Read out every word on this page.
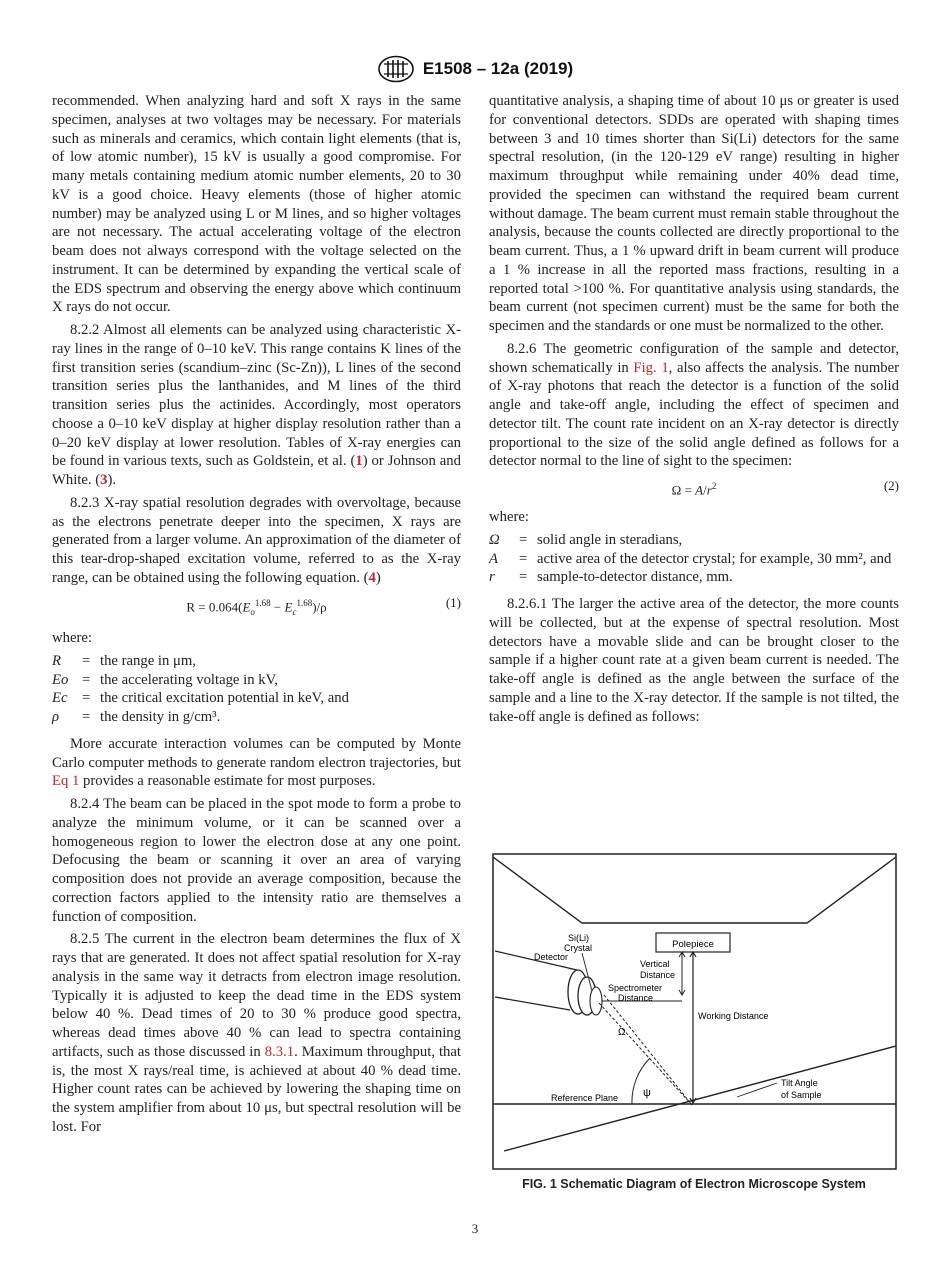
E1508 – 12a (2019)

recommended. When analyzing hard and soft X rays in the same specimen, analyses at two voltages may be necessary. For materials such as minerals and ceramics, which contain light elements (that is, of low atomic number), 15 kV is usually a good compromise. For many metals containing medium atomic number elements, 20 to 30 kV is a good choice. Heavy elements (those of higher atomic number) may be analyzed using L or M lines, and so higher voltages are not necessary. The actual accelerating voltage of the electron beam does not always correspond with the voltage selected on the instrument. It can be determined by expanding the vertical scale of the EDS spectrum and observing the energy above which continuum X rays do not occur.

8.2.2 Almost all elements can be analyzed using characteristic X-ray lines in the range of 0–10 keV. This range contains K lines of the first transition series (scandium–zinc (Sc-Zn)), L lines of the second transition series plus the lanthanides, and M lines of the third transition series plus the actinides. Accordingly, most operators choose a 0–10 keV display at higher display resolution rather than a 0–20 keV display at lower resolution. Tables of X-ray energies can be found in various texts, such as Goldstein, et al. (1) or Johnson and White. (3).

8.2.3 X-ray spatial resolution degrades with overvoltage, because as the electrons penetrate deeper into the specimen, X rays are generated from a larger volume. An approximation of the diameter of this tear-drop-shaped excitation volume, referred to as the X-ray range, can be obtained using the following equation. (4)

$R = 0.064(E_o^{1.68} - E_c^{1.68})/\rho$	(1)

where:

R	= the range in μm,
Eo = the accelerating voltage in kV,
Ec = the critical excitation potential in keV, and
ρ	= the density in g/cm³.

More accurate interaction volumes can be computed by Monte Carlo computer methods to generate random electron trajectories, but Eq 1 provides a reasonable estimate for most purposes.

8.2.4 The beam can be placed in the spot mode to form a probe to analyze the minimum volume, or it can be scanned over a homogeneous region to lower the electron dose at any one point. Defocusing the beam or scanning it over an area of varying composition does not provide an average composition, because the correction factors applied to the intensity ratio are themselves a function of composition.

8.2.5 The current in the electron beam determines the flux of X rays that are generated. It does not affect spatial resolution for X-ray analysis in the same way it detracts from electron image resolution. Typically it is adjusted to keep the dead time in the EDS system below 40 %. Dead times of 20 to 30 % produce good spectra, whereas dead times above 40 % can lead to spectra containing artifacts, such as those discussed in 8.3.1. Maximum throughput, that is, the most X rays/real time, is achieved at about 40 % dead time. Higher count rates can be achieved by lowering the shaping time on the system amplifier from about 10 μs, but spectral resolution will be lost. For

quantitative analysis, a shaping time of about 10 μs or greater is used for conventional detectors. SDDs are operated with shaping times between 3 and 10 times shorter than Si(Li) detectors for the same spectral resolution, (in the 120-129 eV range) resulting in higher maximum throughput while remaining under 40% dead time, provided the specimen can withstand the required beam current without damage. The beam current must remain stable throughout the analysis, because the counts collected are directly proportional to the beam current. Thus, a 1 % upward drift in beam current will produce a 1 % increase in all the reported mass fractions, resulting in a reported total >100 %. For quantitative analysis using standards, the beam current (not specimen current) must be the same for both the specimen and the standards or one must be normalized to the other.

8.2.6 The geometric configuration of the sample and detector, shown schematically in Fig. 1, also affects the analysis. The number of X-ray photons that reach the detector is a function of the solid angle and take-off angle, including the effect of specimen and detector tilt. The count rate incident on an X-ray detector is directly proportional to the size of the solid angle defined as follows for a detector normal to the line of sight to the specimen:

$\Omega = A/r^2$	(2)

where:

Ω	= solid angle in steradians,
A	= active area of the detector crystal; for example, 30 mm², and
r	= sample-to-detector distance, mm.

8.2.6.1 The larger the active area of the detector, the more counts will be collected, but at the expense of spectral resolution. Most detectors have a movable slide and can be brought closer to the sample if a higher count rate at a given beam current is needed. The take-off angle is defined as the angle between the surface of the sample and a line to the X-ray detector. If the sample is not tilted, the take-off angle is defined as follows:

Polepiece
Reference Plane
Tilt Angle
of Sample
Detector
Si(Li)
Crystal
Ω
Vertical
Distance
Working Distance
Spectrometer
Distance
ψ
FIG. 1 Schematic Diagram of Electron Microscope System
3
